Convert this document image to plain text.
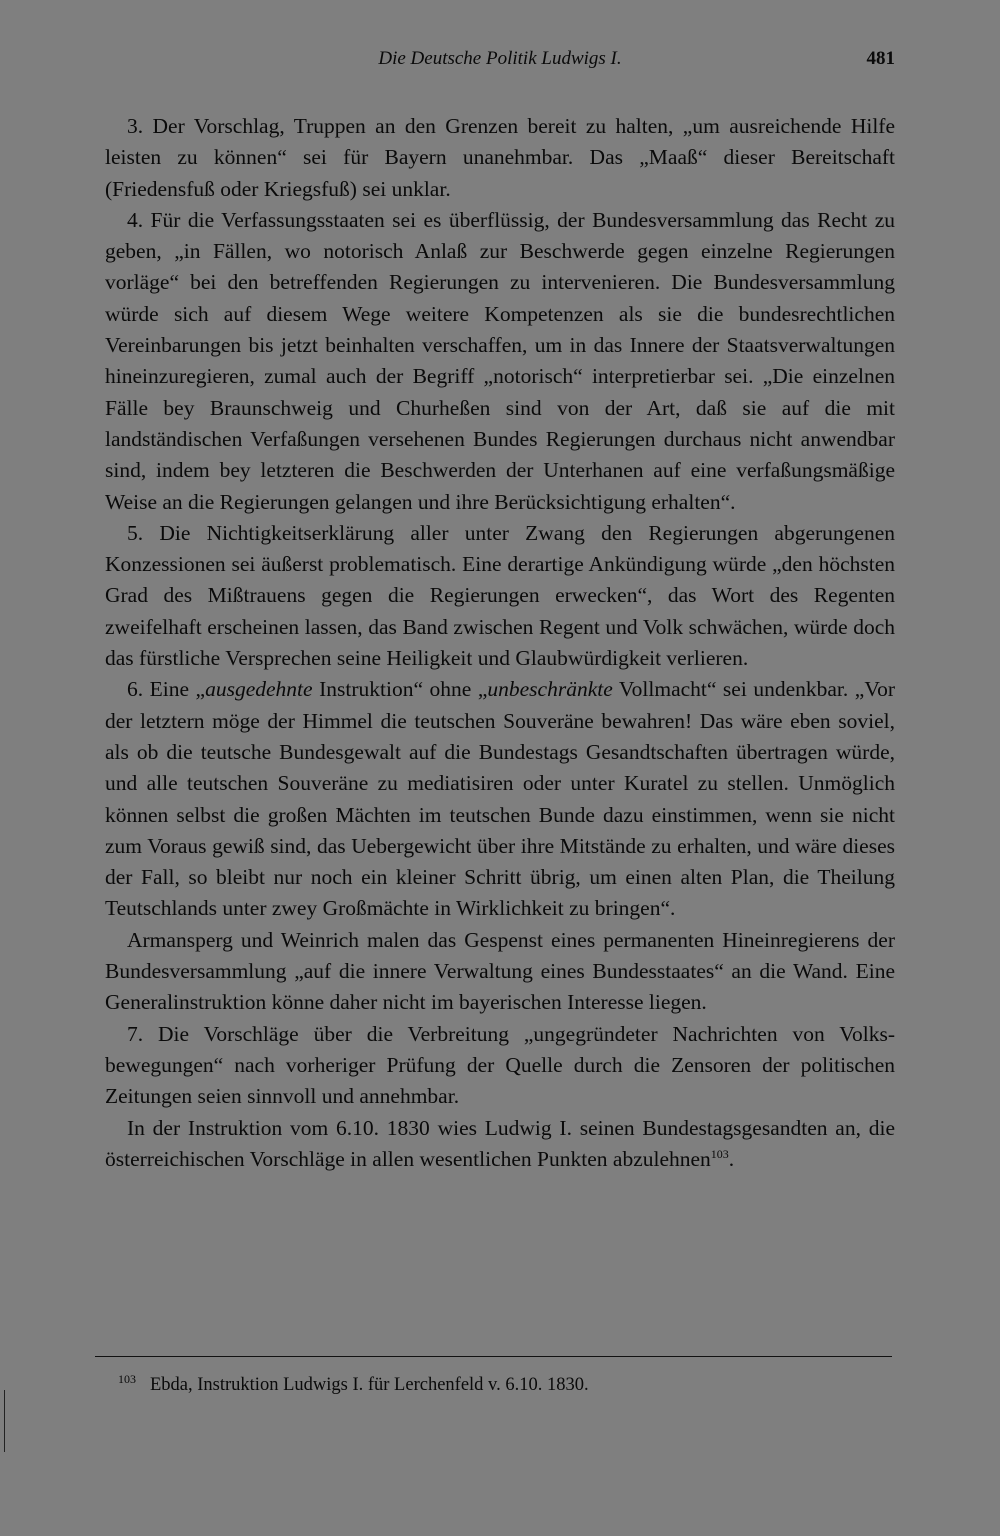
Die Deutsche Politik Ludwigs I.	481

3. Der Vorschlag, Truppen an den Grenzen bereit zu halten, „um ausreichende Hilfe leisten zu können“ sei für Bayern unanehmbar. Das „Maaß“ dieser Bereitschaft (Friedensfuß oder Kriegsfuß) sei unklar.

4. Für die Verfassungsstaaten sei es überflüssig, der Bundesversammlung das Recht zu geben, „in Fällen, wo notorisch Anlaß zur Beschwerde gegen einzelne Regierungen vorläge“ bei den betreffenden Regierungen zu intervenieren. Die Bundesversammlung würde sich auf diesem Wege weitere Kompetenzen als sie die bundesrechtlichen Vereinbarungen bis jetzt beinhalten verschaffen, um in das Innere der Staatsverwaltungen hineinzuregieren, zumal auch der Begriff „notorisch“ interpretierbar sei. „Die einzelnen Fälle bey Braunschweig und Churheßen sind von der Art, daß sie auf die mit landständischen Verfaßungen versehenen Bundes Regierungen durchaus nicht anwendbar sind, indem bey letzteren die Beschwerden der Unterhanen auf eine verfaßungsmäßige Weise an die Regierungen gelangen und ihre Berücksichtigung erhalten“.

5. Die Nichtigkeitserklärung aller unter Zwang den Regierungen abgerungenen Konzessionen sei äußerst problematisch. Eine derartige Ankündigung würde „den höchsten Grad des Mißtrauens gegen die Regierungen erwecken“, das Wort des Regenten zweifelhaft erscheinen lassen, das Band zwischen Regent und Volk schwächen, würde doch das fürstliche Versprechen seine Heiligkeit und Glaubwürdigkeit verlieren.

6. Eine „ausgedehnte Instruktion“ ohne „unbeschränkte Vollmacht“ sei undenkbar. „Vor der letztern möge der Himmel die teutschen Souveräne bewahren! Das wäre eben soviel, als ob die teutsche Bundesgewalt auf die Bundestags Gesandtschaften übertragen würde, und alle teutschen Souveräne zu mediatisiren oder unter Kuratel zu stellen. Unmöglich können selbst die großen Mächten im teutschen Bunde dazu einstimmen, wenn sie nicht zum Voraus gewiß sind, das Uebergewicht über ihre Mitstände zu erhalten, und wäre dieses der Fall, so bleibt nur noch ein kleiner Schritt übrig, um einen alten Plan, die Theilung Teutschlands unter zwey Großmächte in Wirklichkeit zu bringen“.

Armansperg und Weinrich malen das Gespenst eines permanenten Hineinregierens der Bundesversammlung „auf die innere Verwaltung eines Bundesstaates“ an die Wand. Eine Generalinstruktion könne daher nicht im bayerischen Interesse liegen.

7. Die Vorschläge über die Verbreitung „ungegründeter Nachrichten von Volksbewegungen“ nach vorheriger Prüfung der Quelle durch die Zensoren der politischen Zeitungen seien sinnvoll und annehmbar.

In der Instruktion vom 6.10. 1830 wies Ludwig I. seinen Bundestagsgesandten an, die österreichischen Vorschläge in allen wesentlichen Punkten abzulehnen$^{103}$.

$^{103}$ Ebda, Instruktion Ludwigs I. für Lerchenfeld v. 6.10. 1830.
